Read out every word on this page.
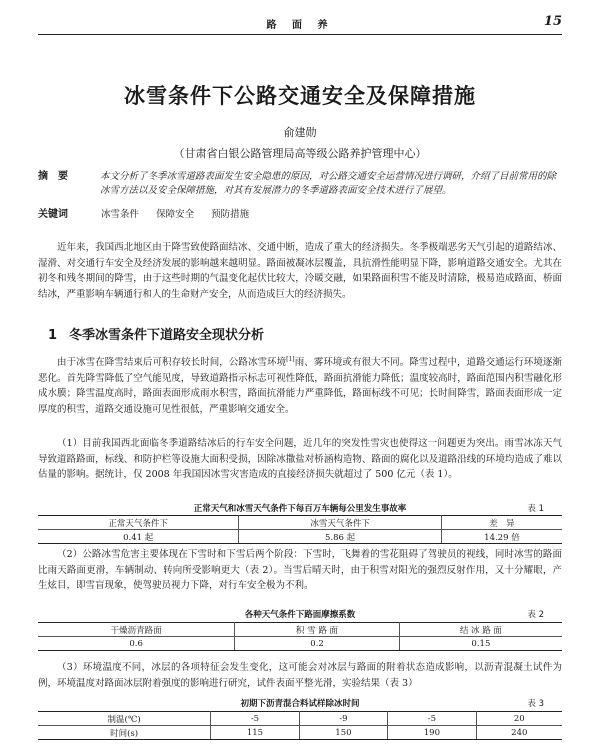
路 面 养	15
冰雪条件下公路交通安全及保障措施
俞建勋
（甘肃省白银公路管理局高等级公路养护管理中心）
摘　要	本文分析了冬季冰雪道路表面发生安全隐患的原因，对公路交通安全运营情况进行调研，介绍了目前常用的除冰雪方法以及安全保障措施，对其有发展潜力的冬季道路表面安全技术进行了展望。
关键词	冰雪条件 保障安全 预防措施
近年来，我国西北地区由于降雪致使路面结冰、交通中断，造成了重大的经济损失。冬季极端恶劣天气引起的道路结冰、湿滑、对交通行车安全及经济发展的影响越来越明显。路面被凝冰层覆盖，具抗滑性能明显下降，影响道路交通安全。尤其在初冬和残冬期间的降雪，由于这些时期的气温变化起伏比较大，冷暖交融，如果路面积雪不能及时清除，极易造成路面、桥面结冰，严重影响车辆通行和人的生命财产安全，从而造成巨大的经济损失。
1 冬季冰雪条件下道路安全现状分析
由于冰雪在降雪结束后可积存较长时间，公路冰雪环境[1]雨、雾环境或有很大不同。降雪过程中，道路交通运行环境逐渐恶化。首先降雪降低了空气能见度，导致道路指示标志可视性降低，路面抗滑能力降低；温度较高时，路面范围内积雪融化形成水膜；降雪温度高时，路面表面形成雨水积雪，路面抗滑能力严重降低，路面标线不可见；长时间降雪，路面表面形成一定厚度的积雪，道路交通设施可见性很低，严重影响交通安全。
（1）目前我国西北面临冬季道路结冰后的行车安全问题，近几年的突发性雪灾也使得这一问题更为突出。雨雪冰冻天气导致道路路面，标线、和防护栏等设施大面积受损，因除冰撒盐对桥涵构造物、路面的腐化以及道路沿线的环境均造成了难以估量的影响。据统计，仅 2008 年我国因冰雪灾害造成的直接经济损失就超过了 500 亿元（表 1）。
正常天气和冰雪天气条件下每百万车辆每公里发生事故率	表 1
正常天气条件下	冰雪天气条件下	差　异
0.41 起	5.86 起	14.29 倍
（2）公路冰雪危害主要体现在下雪时和下雪后两个阶段：下雪时，飞舞着的雪花阻碍了驾驶员的视线，同时冰雪的路面比雨天路面更滑，车辆制动、转向所受影响更大（表 2）。当雪后晴天时，由于积雪对阳光的强烈反射作用，又十分耀眼，产生炫目，即雪盲现象，使驾驶员视力下降，对行车安全极为不利。
各种天气条件下路面摩擦系数	表 2
干燥沥青路面	积 雪 路 面	结 冰 路 面
0.6	0.2	0.15
（3）环境温度不同，冰层的各项特征会发生变化，这可能会对冰层与路面的附着状态造成影响，以沥青混凝土试件为例，环境温度对路面冰层附着强度的影响进行研究，试件表面平整光滑，实验结果（表 3）
初期下沥青混合料试样除冰时间	表 3
制温(℃)	-5	-9	-5	20
时间(s)	115	150	190	240
